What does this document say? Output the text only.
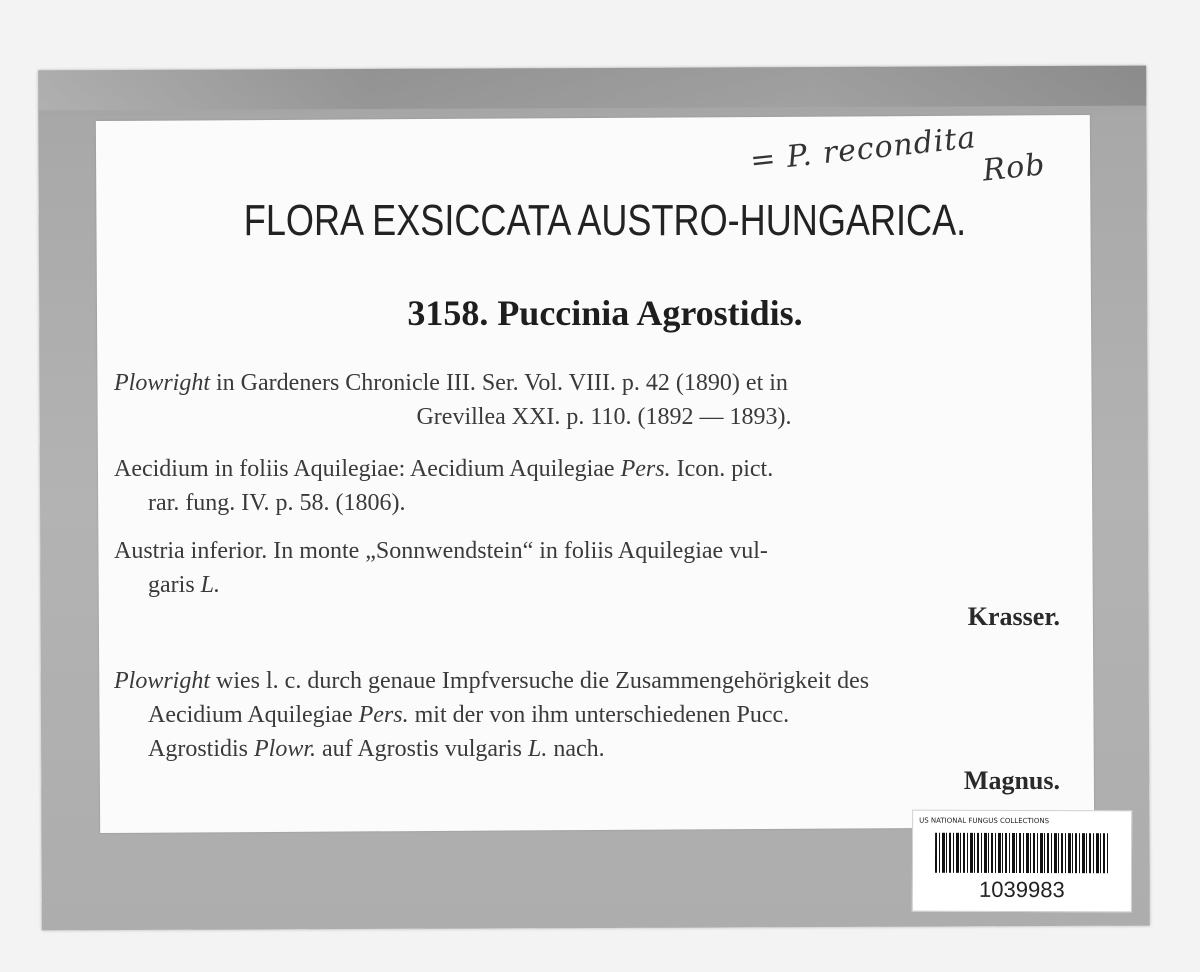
= P. recondita Rob
FLORA EXSICCATA AUSTRO-HUNGARICA.
3158. Puccinia Agrostidis.
Plowright in Gardeners Chronicle III. Ser. Vol. VIII. p. 42 (1890) et in
Grevillea XXI. p. 110. (1892 — 1893).
Aecidium in foliis Aquilegiae: Aecidium Aquilegiae Pers. Icon. pict.
rar. fung. IV. p. 58. (1806).
Austria inferior. In monte „Sonnwendstein“ in foliis Aquilegiae vul-
garis L.
Krasser.
Plowright wies l. c. durch genaue Impfversuche die Zusammengehörigkeit des
Aecidium Aquilegiae Pers. mit der von ihm unterschiedenen Pucc.
Agrostidis Plowr. auf Agrostis vulgaris L. nach.
Magnus.
US NATIONAL FUNGUS COLLECTIONS
1039983
